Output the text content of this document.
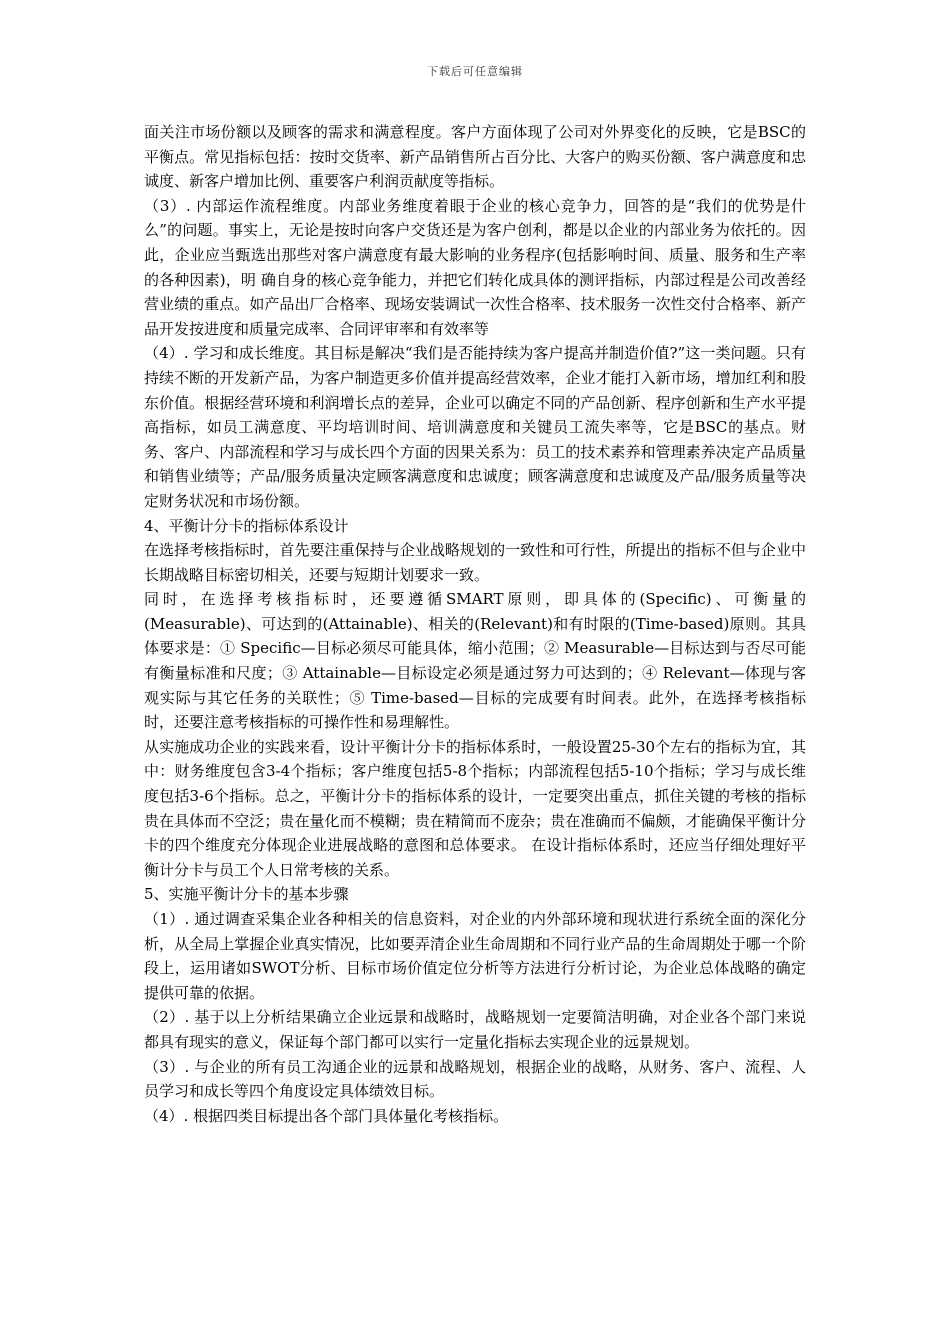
下载后可任意编辑

面关注市场份额以及顾客的需求和满意程度。客户方面体现了公司对外界变化的反映，它是BSC的平衡点。常见指标包括：按时交货率、新产品销售所占百分比、大客户的购买份额、客户满意度和忠诚度、新客户增加比例、重要客户利润贡献度等指标。

（3）. 内部运作流程维度。内部业务维度着眼于企业的核心竞争力，回答的是“我们的优势是什么”的问题。事实上，无论是按时向客户交货还是为客户创利，都是以企业的内部业务为依托的。因此，企业应当甄选出那些对客户满意度有最大影响的业务程序(包括影响时间、质量、服务和生产率的各种因素)，明 确自身的核心竞争能力，并把它们转化成具体的测评指标，内部过程是公司改善经营业绩的重点。如产品出厂合格率、现场安装调试一次性合格率、技术服务一次性交付合格率、新产品开发按进度和质量完成率、合同评审率和有效率等

（4）. 学习和成长维度。其目标是解决“我们是否能持续为客户提高并制造价值?”这一类问题。只有持续不断的开发新产品，为客户制造更多价值并提高经营效率，企业才能打入新市场，增加红利和股东价值。根据经营环境和利润增长点的差异，企业可以确定不同的产品创新、程序创新和生产水平提高指标，如员工满意度、平均培训时间、培训满意度和关键员工流失率等，它是BSC的基点。财务、客户、内部流程和学习与成长四个方面的因果关系为：员工的技术素养和管理素养决定产品质量和销售业绩等；产品/服务质量决定顾客满意度和忠诚度；顾客满意度和忠诚度及产品/服务质量等决定财务状况和市场份额。

4、平衡计分卡的指标体系设计

在选择考核指标时，首先要注重保持与企业战略规划的一致性和可行性，所提出的指标不但与企业中长期战略目标密切相关，还要与短期计划要求一致。

同时，在选择考核指标时，还要遵循SMART原则，即具体的(Specific)、可衡量的(Measurable)、可达到的(Attainable)、相关的(Relevant)和有时限的(Time-based)原则。其具体要求是：① Specific—目标必须尽可能具体，缩小范围；② Measurable—目标达到与否尽可能有衡量标准和尺度；③ Attainable—目标设定必须是通过努力可达到的；④ Relevant—体现与客观实际与其它任务的关联性；⑤ Time-based—目标的完成要有时间表。此外，在选择考核指标时，还要注意考核指标的可操作性和易理解性。

从实施成功企业的实践来看，设计平衡计分卡的指标体系时，一般设置25-30个左右的指标为宜，其中：财务维度包含3-4个指标；客户维度包括5-8个指标；内部流程包括5-10个指标；学习与成长维度包括3-6个指标。总之，平衡计分卡的指标体系的设计，一定要突出重点，抓住关键的考核的指标贵在具体而不空泛；贵在量化而不模糊；贵在精简而不庞杂；贵在准确而不偏颇，才能确保平衡计分卡的四个维度充分体现企业进展战略的意图和总体要求。 在设计指标体系时，还应当仔细处理好平衡计分卡与员工个人日常考核的关系。

5、实施平衡计分卡的基本步骤

（1）. 通过调查采集企业各种相关的信息资料，对企业的内外部环境和现状进行系统全面的深化分析，从全局上掌握企业真实情况，比如要弄清企业生命周期和不同行业产品的生命周期处于哪一个阶段上，运用诸如SWOT分析、目标市场价值定位分析等方法进行分析讨论，为企业总体战略的确定提供可靠的依据。

（2）. 基于以上分析结果确立企业远景和战略时，战略规划一定要简洁明确，对企业各个部门来说都具有现实的意义，保证每个部门都可以实行一定量化指标去实现企业的远景规划。

（3）. 与企业的所有员工沟通企业的远景和战略规划，根据企业的战略，从财务、客户、流程、人员学习和成长等四个角度设定具体绩效目标。

（4）. 根据四类目标提出各个部门具体量化考核指标。
